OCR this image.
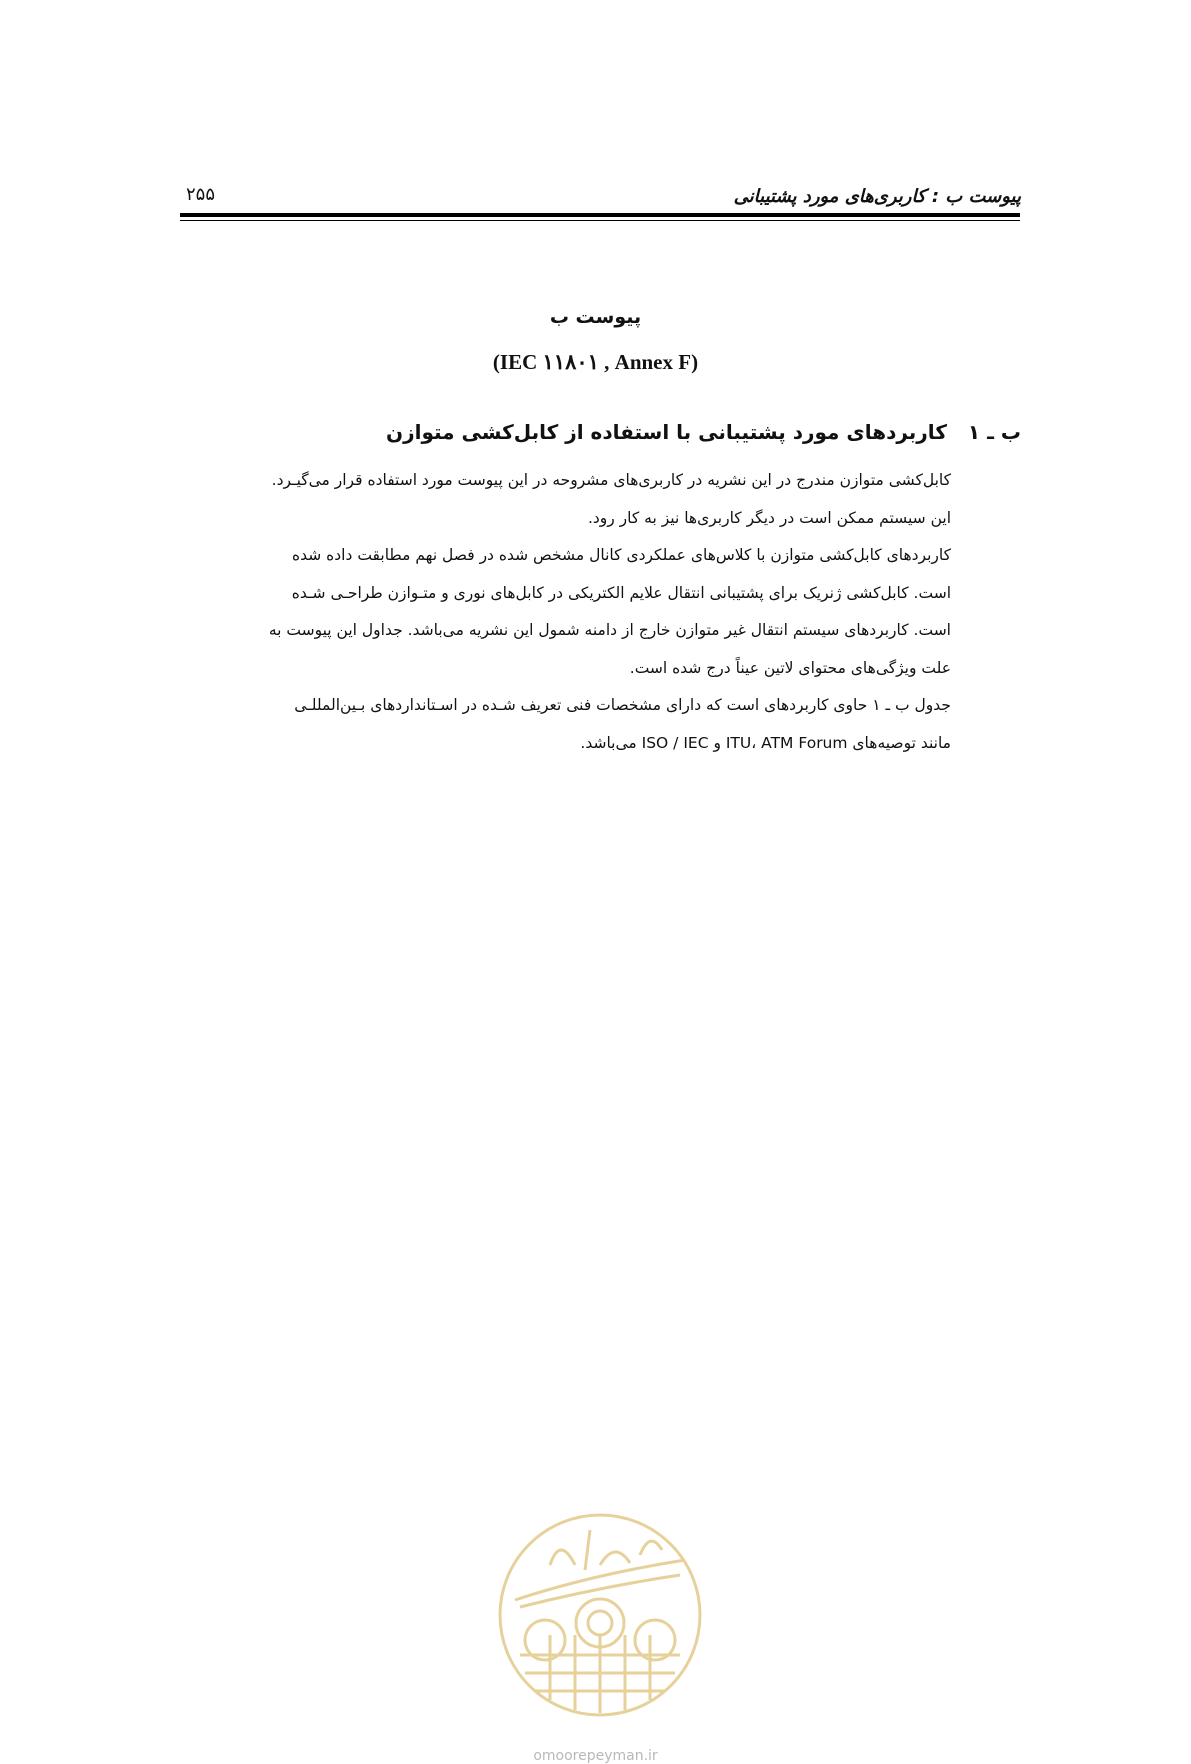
پیوست ب : کاربری‌های مورد پشتیبانی
۲۵۵
پیوست ب
(IEC ۱۱۸۰۱ , Annex F)
ب ـ ۱ کاربردهای مورد پشتیبانی با استفاده از کابل‌کشی متوازن
کابل‌کشی متوازن مندرج در این نشریه در کاربری‌های مشروحه در این پیوست مورد استفاده قرار می‌گیـرد.
این سیستم ممکن است در دیگر کاربری‌ها نیز به کار رود.
کاربردهای کابل‌کشی متوازن با کلاس‌های عملکردی کانال مشخص شده در فصل نهم مطابقت داده شده
است. کابل‌کشی ژنریک برای پشتیبانی انتقال علایم الکتریکی در کابل‌های نوری و متـوازن طراحـی شـده
است. کاربردهای سیستم انتقال غیر متوازن خارج از دامنه شمول این نشریه می‌باشد. جداول این پیوست به
علت ویژگی‌های محتوای لاتین عیناً درج شده است.
جدول ب ـ ۱ حاوی کاربردهای است که دارای مشخصات فنی تعریف شـده در اسـتانداردهای بـین‌المللـی
مانند توصیه‌های ITU، ATM Forum و ISO / IEC می‌باشد.
omoorepeyman.ir
